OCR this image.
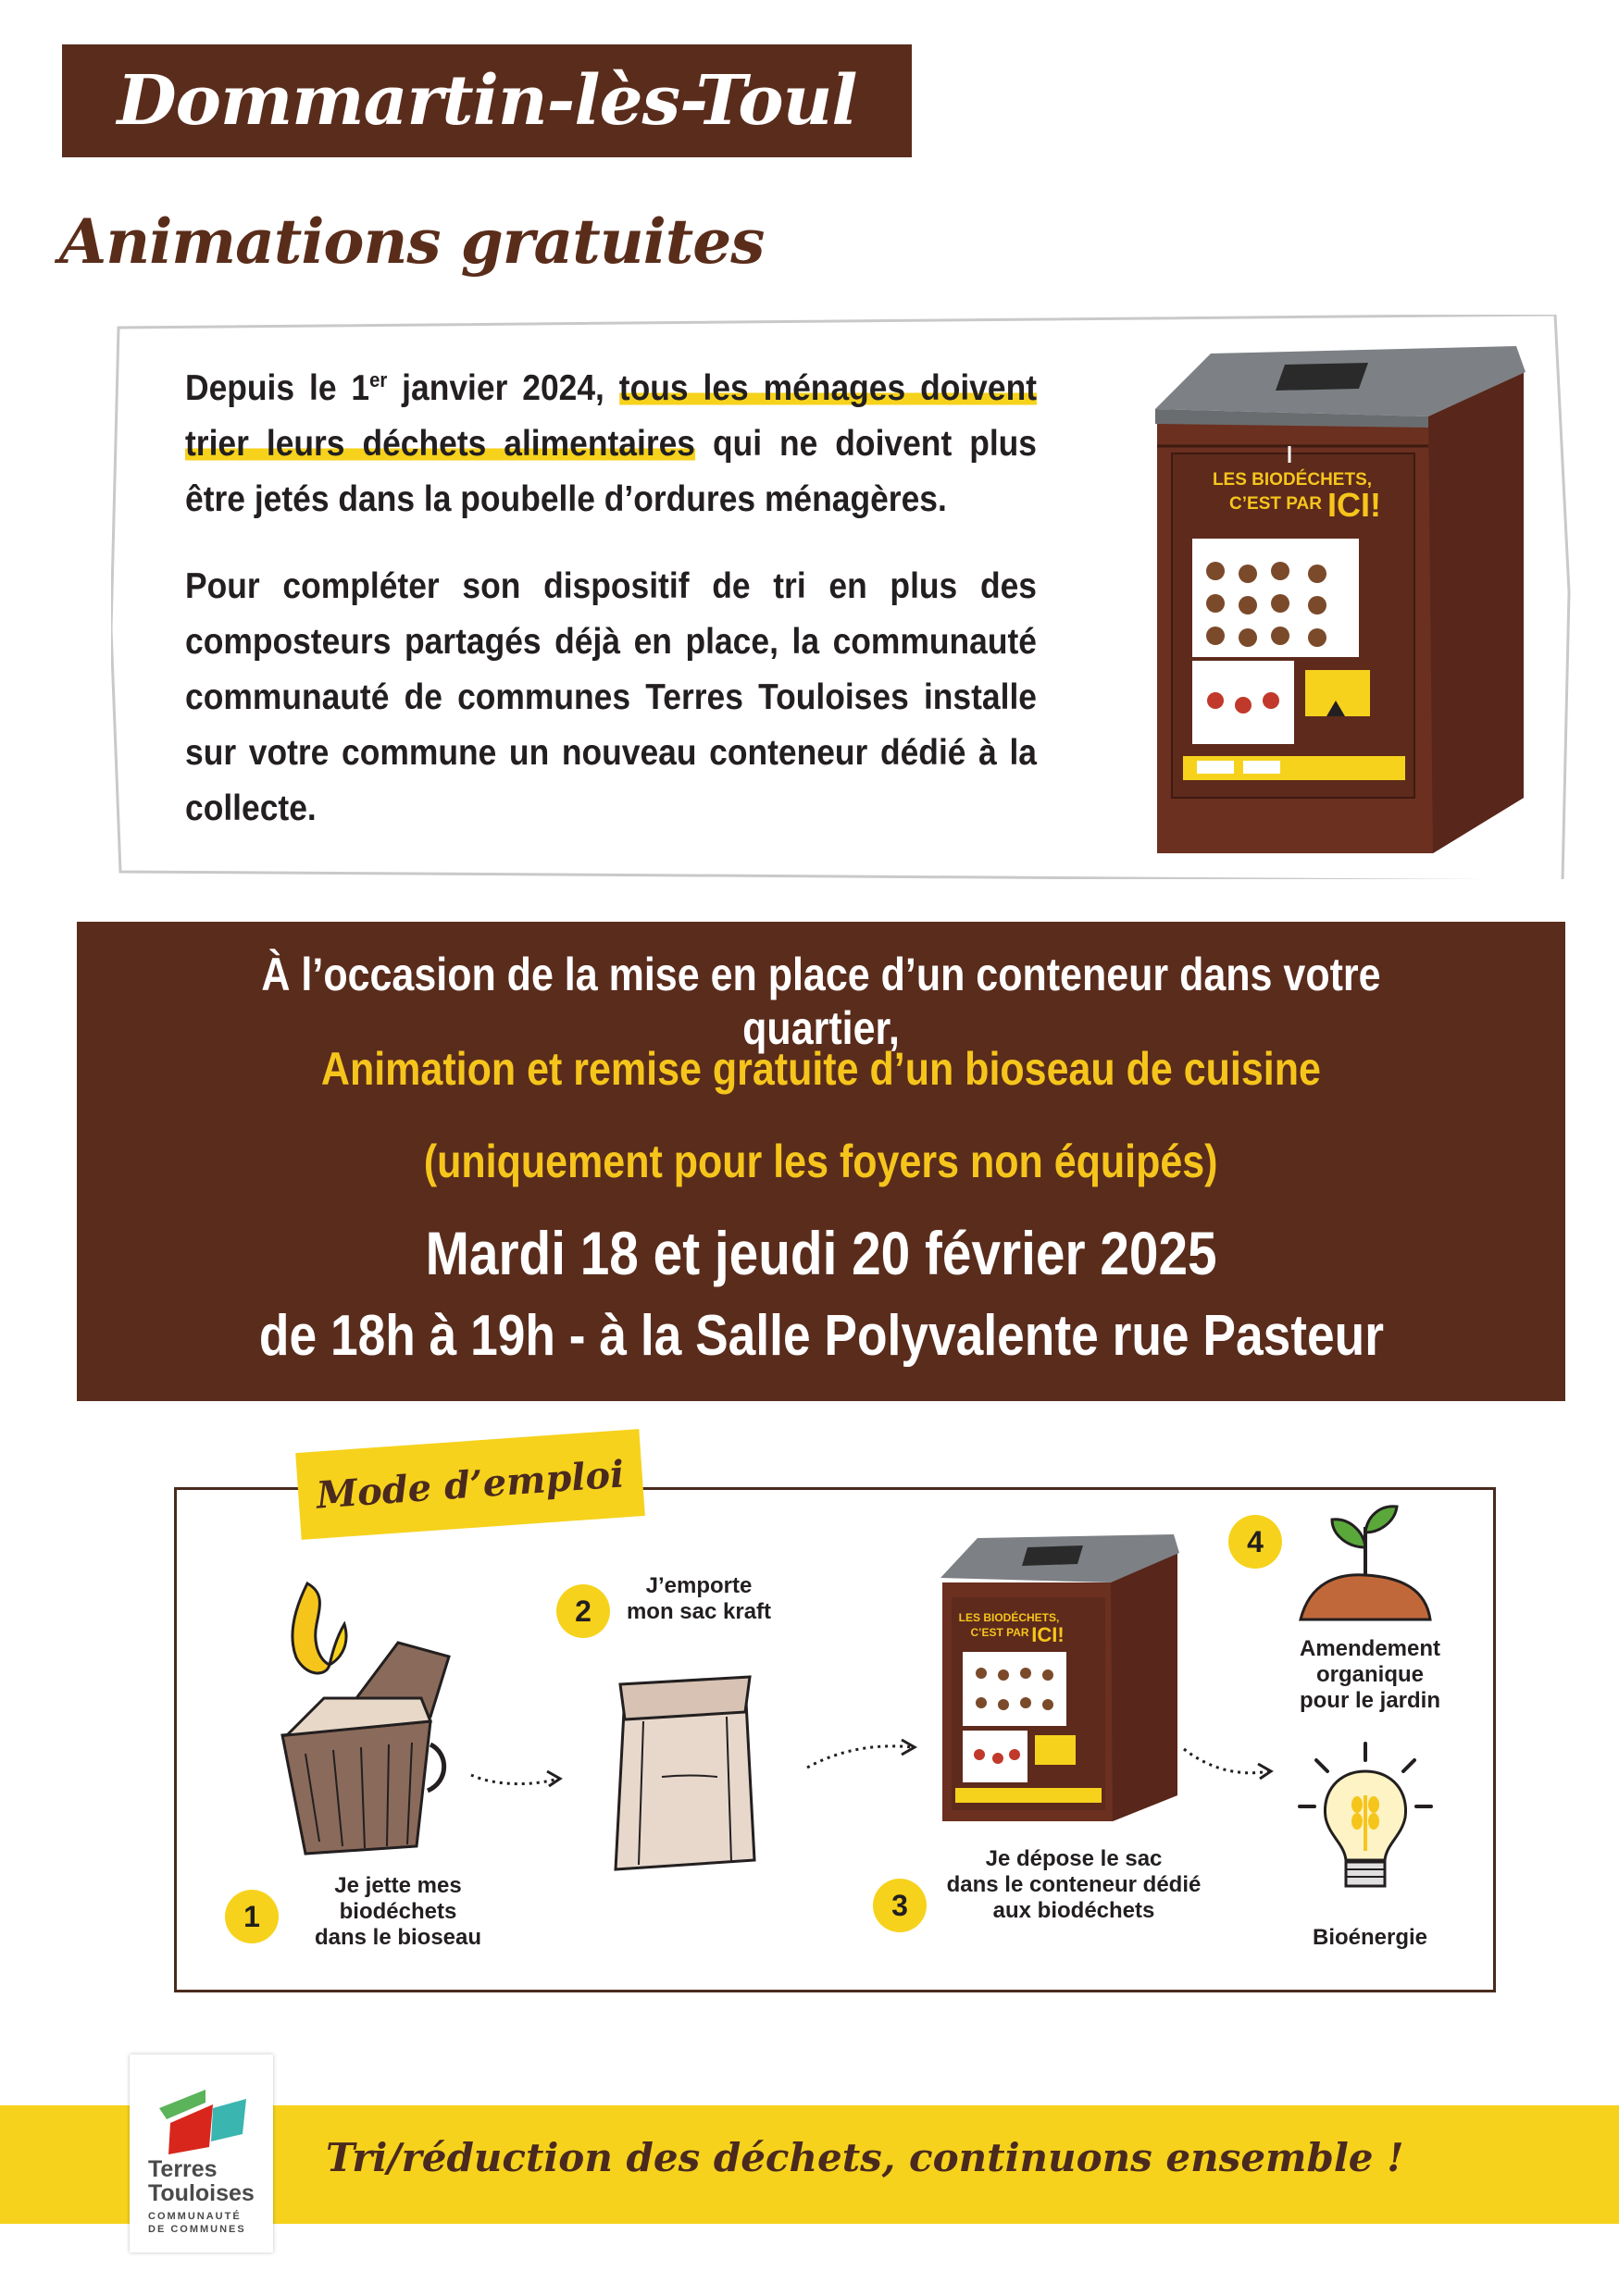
Dommartin-lès-Toul
Animations gratuites

Depuis le 1er janvier 2024, tous les ménages doivent trier leurs déchets alimentaires qui ne doivent plus être jetés dans la poubelle d’ordures ménagères.

Pour compléter son dispositif de tri en plus des composteurs partagés déjà en place, la communauté communauté de communes Terres Touloises installe sur votre commune un nouveau conteneur dédié à la collecte.

LES BIODÉCHETS,
C’EST PAR ICI!
À l’occasion de la mise en place d’un conteneur dans votre quartier,
Animation et remise gratuite d’un bioseau de cuisine
(uniquement pour les foyers non équipés)
Mardi 18 et jeudi 20 février 2025
de 18h à 19h - à la Salle Polyvalente rue Pasteur
Mode d’emploi
LES BIODÉCHETS,
C’EST PAR ICI!
1
Je jette mes biodéchets
dans le bioseau
2
J’emporte
mon sac kraft
3
Je dépose le sac
dans le conteneur dédié
aux biodéchets
4
Amendement
organique
pour le jardin
Bioénergie
Tri/réduction des déchets, continuons ensemble !
Terres
Touloises
COMMUNAUTÉ
DE COMMUNES
